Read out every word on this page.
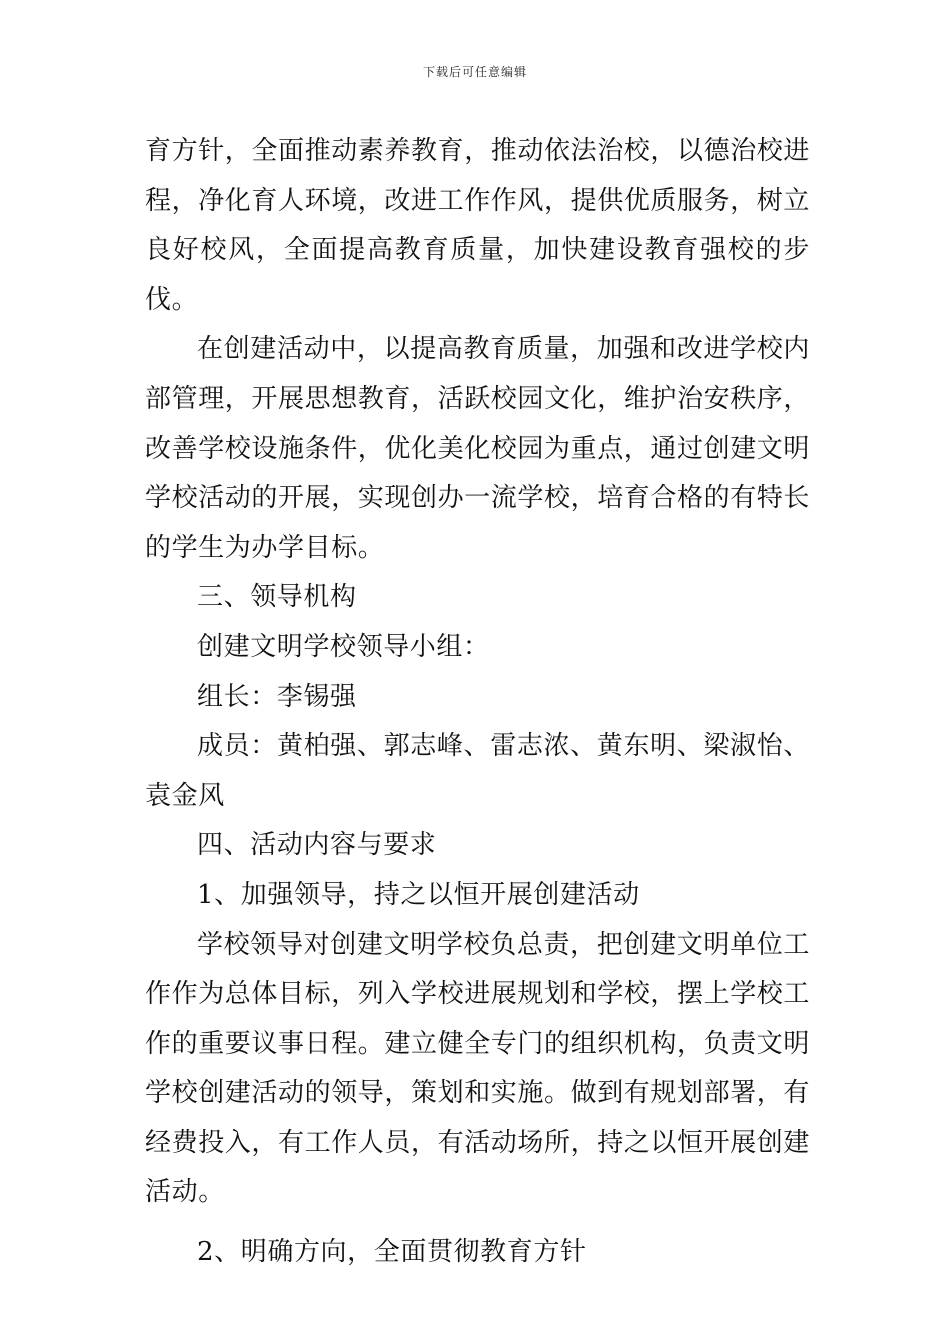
下载后可任意编辑

育方针，全面推动素养教育，推动依法治校，以德治校进程，净化育人环境，改进工作作风，提供优质服务，树立良好校风，全面提高教育质量，加快建设教育强校的步伐。

在创建活动中，以提高教育质量，加强和改进学校内部管理，开展思想教育，活跃校园文化，维护治安秩序，改善学校设施条件，优化美化校园为重点，通过创建文明学校活动的开展，实现创办一流学校，培育合格的有特长的学生为办学目标。

三、领导机构

创建文明学校领导小组：

组长：李锡强

成员：黄柏强、郭志峰、雷志浓、黄东明、梁淑怡、袁金风

四、活动内容与要求

1、加强领导，持之以恒开展创建活动

学校领导对创建文明学校负总责，把创建文明单位工作作为总体目标，列入学校进展规划和学校，摆上学校工作的重要议事日程。建立健全专门的组织机构，负责文明学校创建活动的领导，策划和实施。做到有规划部署，有经费投入，有工作人员，有活动场所，持之以恒开展创建活动。

2、明确方向，全面贯彻教育方针
